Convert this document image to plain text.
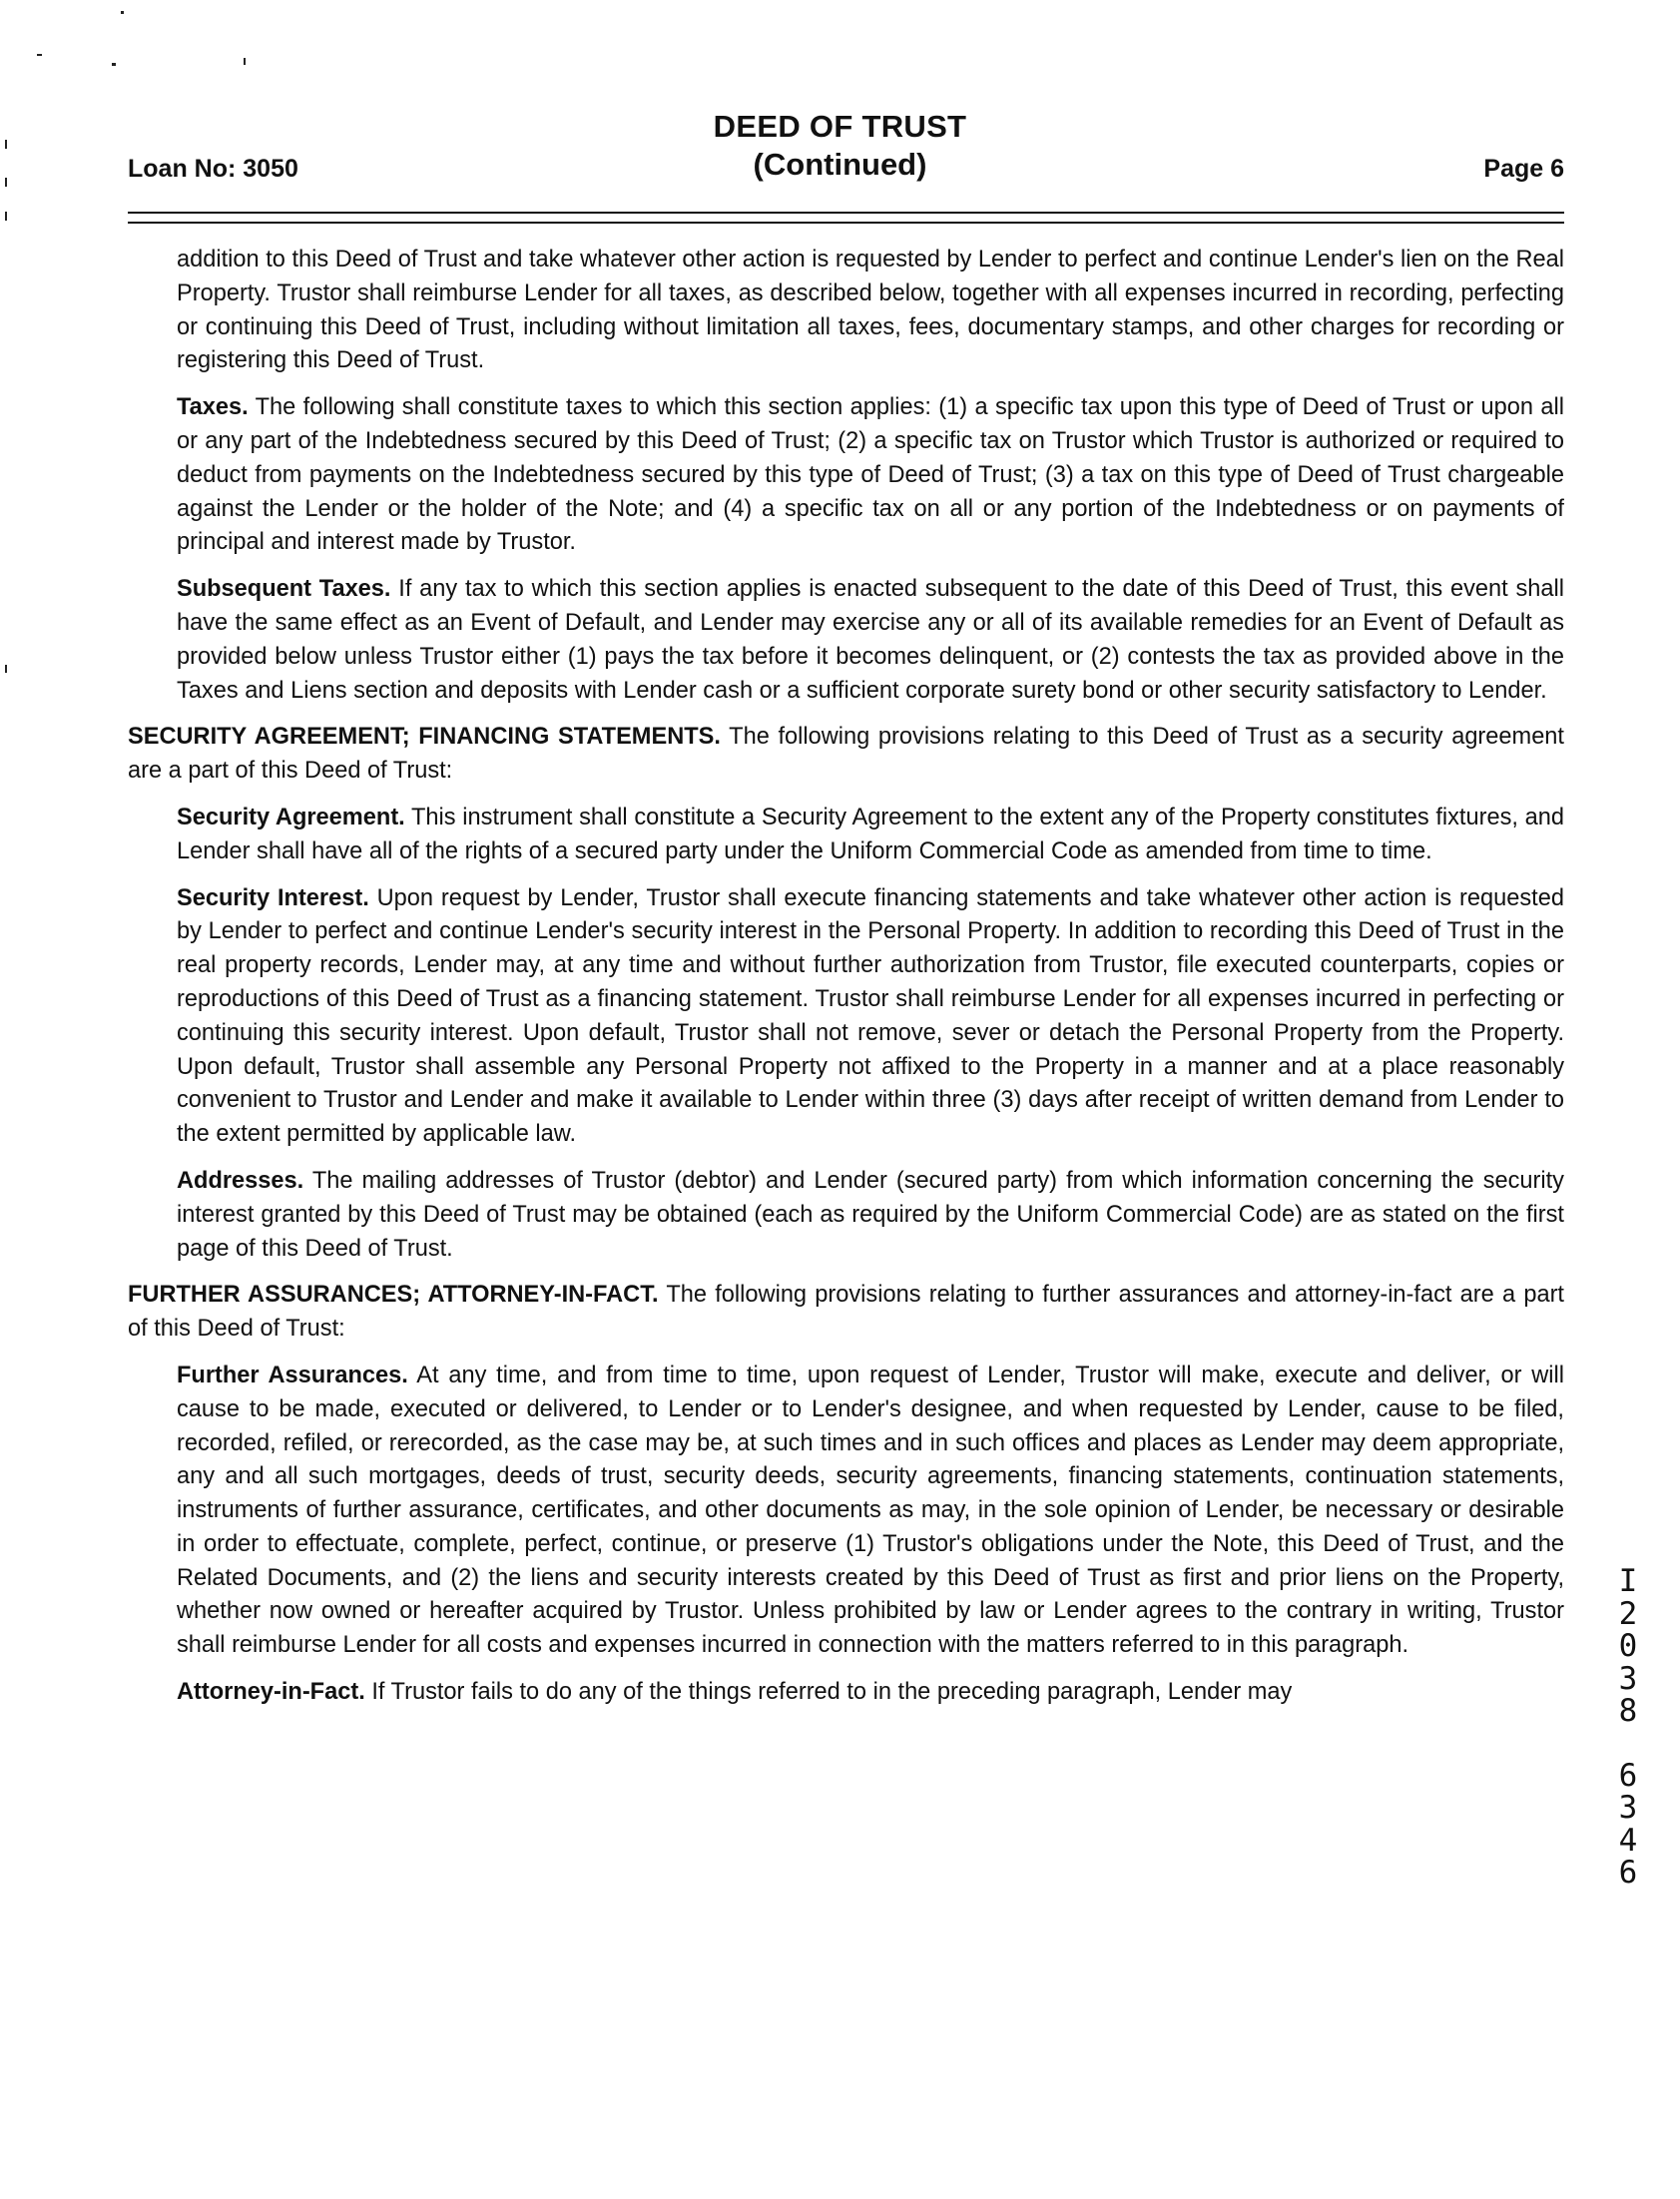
DEED OF TRUST
(Continued)
Loan No: 3050	Page 6

addition to this Deed of Trust and take whatever other action is requested by Lender to perfect and continue Lender's lien on the Real Property. Trustor shall reimburse Lender for all taxes, as described below, together with all expenses incurred in recording, perfecting or continuing this Deed of Trust, including without limitation all taxes, fees, documentary stamps, and other charges for recording or registering this Deed of Trust.

Taxes. The following shall constitute taxes to which this section applies: (1) a specific tax upon this type of Deed of Trust or upon all or any part of the Indebtedness secured by this Deed of Trust; (2) a specific tax on Trustor which Trustor is authorized or required to deduct from payments on the Indebtedness secured by this type of Deed of Trust; (3) a tax on this type of Deed of Trust chargeable against the Lender or the holder of the Note; and (4) a specific tax on all or any portion of the Indebtedness or on payments of principal and interest made by Trustor.

Subsequent Taxes. If any tax to which this section applies is enacted subsequent to the date of this Deed of Trust, this event shall have the same effect as an Event of Default, and Lender may exercise any or all of its available remedies for an Event of Default as provided below unless Trustor either (1) pays the tax before it becomes delinquent, or (2) contests the tax as provided above in the Taxes and Liens section and deposits with Lender cash or a sufficient corporate surety bond or other security satisfactory to Lender.

SECURITY AGREEMENT; FINANCING STATEMENTS. The following provisions relating to this Deed of Trust as a security agreement are a part of this Deed of Trust:

Security Agreement. This instrument shall constitute a Security Agreement to the extent any of the Property constitutes fixtures, and Lender shall have all of the rights of a secured party under the Uniform Commercial Code as amended from time to time.

Security Interest. Upon request by Lender, Trustor shall execute financing statements and take whatever other action is requested by Lender to perfect and continue Lender's security interest in the Personal Property. In addition to recording this Deed of Trust in the real property records, Lender may, at any time and without further authorization from Trustor, file executed counterparts, copies or reproductions of this Deed of Trust as a financing statement. Trustor shall reimburse Lender for all expenses incurred in perfecting or continuing this security interest. Upon default, Trustor shall not remove, sever or detach the Personal Property from the Property. Upon default, Trustor shall assemble any Personal Property not affixed to the Property in a manner and at a place reasonably convenient to Trustor and Lender and make it available to Lender within three (3) days after receipt of written demand from Lender to the extent permitted by applicable law.

Addresses. The mailing addresses of Trustor (debtor) and Lender (secured party) from which information concerning the security interest granted by this Deed of Trust may be obtained (each as required by the Uniform Commercial Code) are as stated on the first page of this Deed of Trust.

FURTHER ASSURANCES; ATTORNEY-IN-FACT. The following provisions relating to further assurances and attorney-in-fact are a part of this Deed of Trust:

Further Assurances. At any time, and from time to time, upon request of Lender, Trustor will make, execute and deliver, or will cause to be made, executed or delivered, to Lender or to Lender's designee, and when requested by Lender, cause to be filed, recorded, refiled, or rerecorded, as the case may be, at such times and in such offices and places as Lender may deem appropriate, any and all such mortgages, deeds of trust, security deeds, security agreements, financing statements, continuation statements, instruments of further assurance, certificates, and other documents as may, in the sole opinion of Lender, be necessary or desirable in order to effectuate, complete, perfect, continue, or preserve (1) Trustor's obligations under the Note, this Deed of Trust, and the Related Documents, and (2) the liens and security interests created by this Deed of Trust as first and prior liens on the Property, whether now owned or hereafter acquired by Trustor. Unless prohibited by law or Lender agrees to the contrary in writing, Trustor shall reimburse Lender for all costs and expenses incurred in connection with the matters referred to in this paragraph.

Attorney-in-Fact. If Trustor fails to do any of the things referred to in the preceding paragraph, Lender may

I
2
0
3
8
6
3
4
6
